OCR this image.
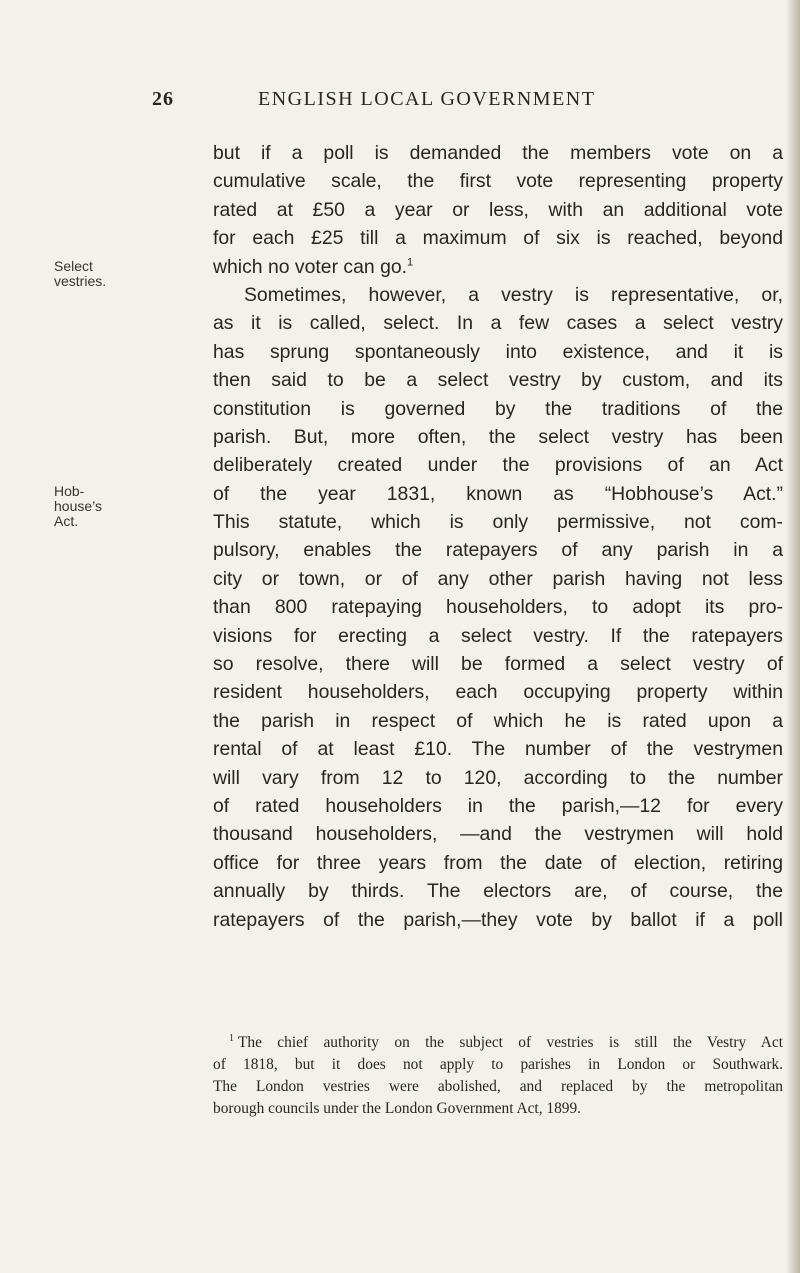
26	ENGLISH LOCAL GOVERNMENT
Select
vestries.
Hob-
house’s
Act.
but if a poll is demanded the members vote on a
cumulative scale, the first vote representing property
rated at £50 a year or less, with an additional vote
for each £25 till a maximum of six is reached, beyond
which no voter can go.$^1$
Sometimes, however, a vestry is representative, or,
as it is called, select. In a few cases a select vestry
has sprung spontaneously into existence, and it is
then said to be a select vestry by custom, and its
constitution is governed by the traditions of the
parish. But, more often, the select vestry has been
deliberately created under the provisions of an Act
of the year 1831, known as “Hobhouse’s Act.”
This statute, which is only permissive, not com-
pulsory, enables the ratepayers of any parish in a
city or town, or of any other parish having not less
than 800 ratepaying householders, to adopt its pro-
visions for erecting a select vestry. If the ratepayers
so resolve, there will be formed a select vestry of
resident householders, each occupying property within
the parish in respect of which he is rated upon a
rental of at least £10. The number of the vestrymen
will vary from 12 to 120, according to the number
of rated householders in the parish,—12 for every
thousand householders, —and the vestrymen will hold
office for three years from the date of election, retiring
annually by thirds. The electors are, of course, the
ratepayers of the parish,—they vote by ballot if a poll
$^1$ The chief authority on the subject of vestries is still the Vestry Act
of 1818, but it does not apply to parishes in London or Southwark.
The London vestries were abolished, and replaced by the metropolitan
borough councils under the London Government Act, 1899.
